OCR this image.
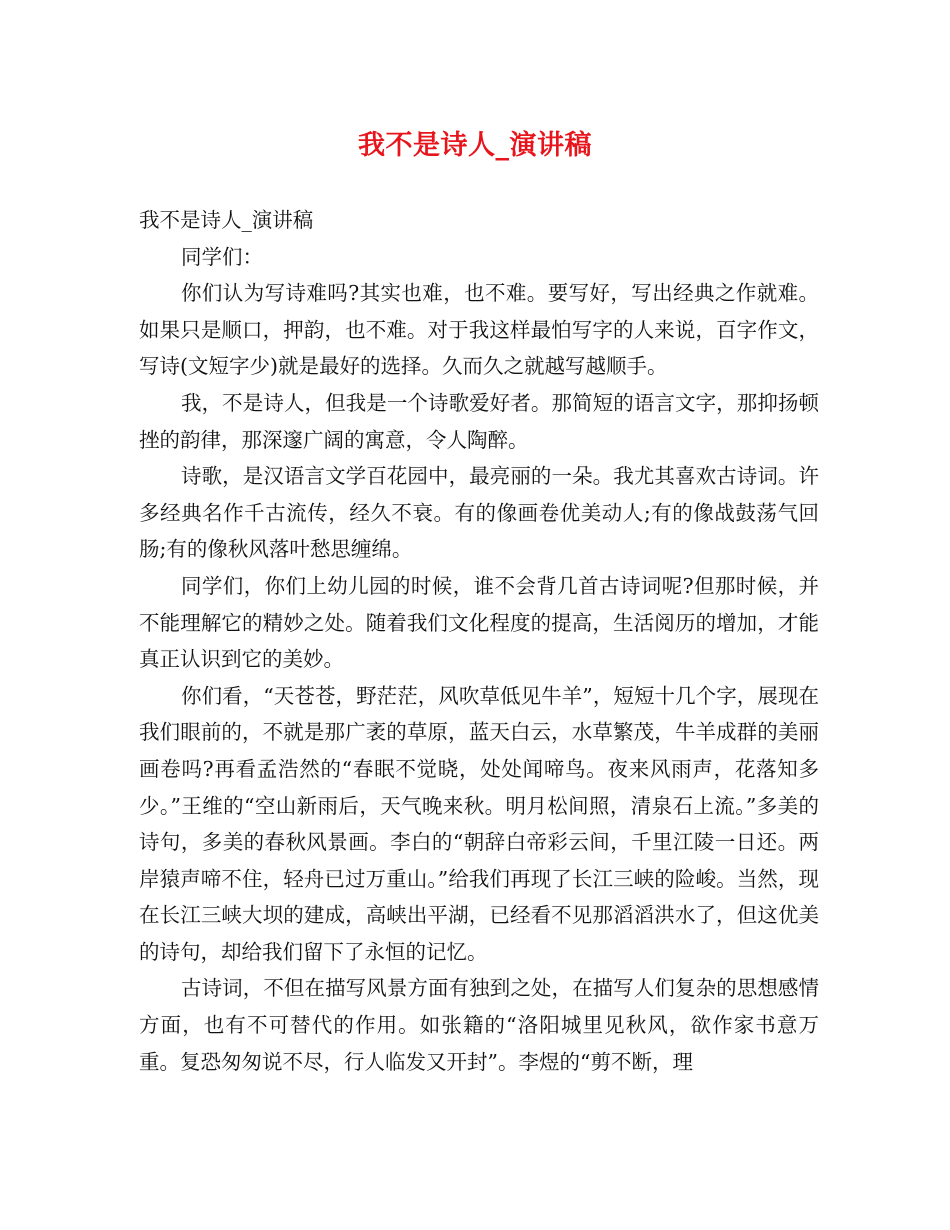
我不是诗人_演讲稿

我不是诗人_演讲稿

同学们：

你们认为写诗难吗?其实也难，也不难。要写好，写出经典之作就难。如果只是顺口，押韵，也不难。对于我这样最怕写字的人来说，百字作文，写诗(文短字少)就是最好的选择。久而久之就越写越顺手。

我，不是诗人，但我是一个诗歌爱好者。那简短的语言文字，那抑扬顿挫的韵律，那深邃广阔的寓意，令人陶醉。

诗歌，是汉语言文学百花园中，最亮丽的一朵。我尤其喜欢古诗词。许多经典名作千古流传，经久不衰。有的像画卷优美动人;有的像战鼓荡气回肠;有的像秋风落叶愁思缠绵。

同学们，你们上幼儿园的时候，谁不会背几首古诗词呢?但那时候，并不能理解它的精妙之处。随着我们文化程度的提高，生活阅历的增加，才能真正认识到它的美妙。

你们看，“天苍苍，野茫茫，风吹草低见牛羊”，短短十几个字，展现在我们眼前的，不就是那广袤的草原，蓝天白云，水草繁茂，牛羊成群的美丽画卷吗?再看孟浩然的“春眠不觉晓，处处闻啼鸟。夜来风雨声，花落知多少。”王维的“空山新雨后，天气晚来秋。明月松间照，清泉石上流。”多美的诗句，多美的春秋风景画。李白的“朝辞白帝彩云间，千里江陵一日还。两岸猿声啼不住，轻舟已过万重山。”给我们再现了长江三峡的险峻。当然，现在长江三峡大坝的建成，高峡出平湖，已经看不见那滔滔洪水了，但这优美的诗句，却给我们留下了永恒的记忆。

古诗词，不但在描写风景方面有独到之处，在描写人们复杂的思想感情方面，也有不可替代的作用。如张籍的“洛阳城里见秋风，欲作家书意万重。复恐匆匆说不尽，行人临发又开封”。李煜的“剪不断，理
